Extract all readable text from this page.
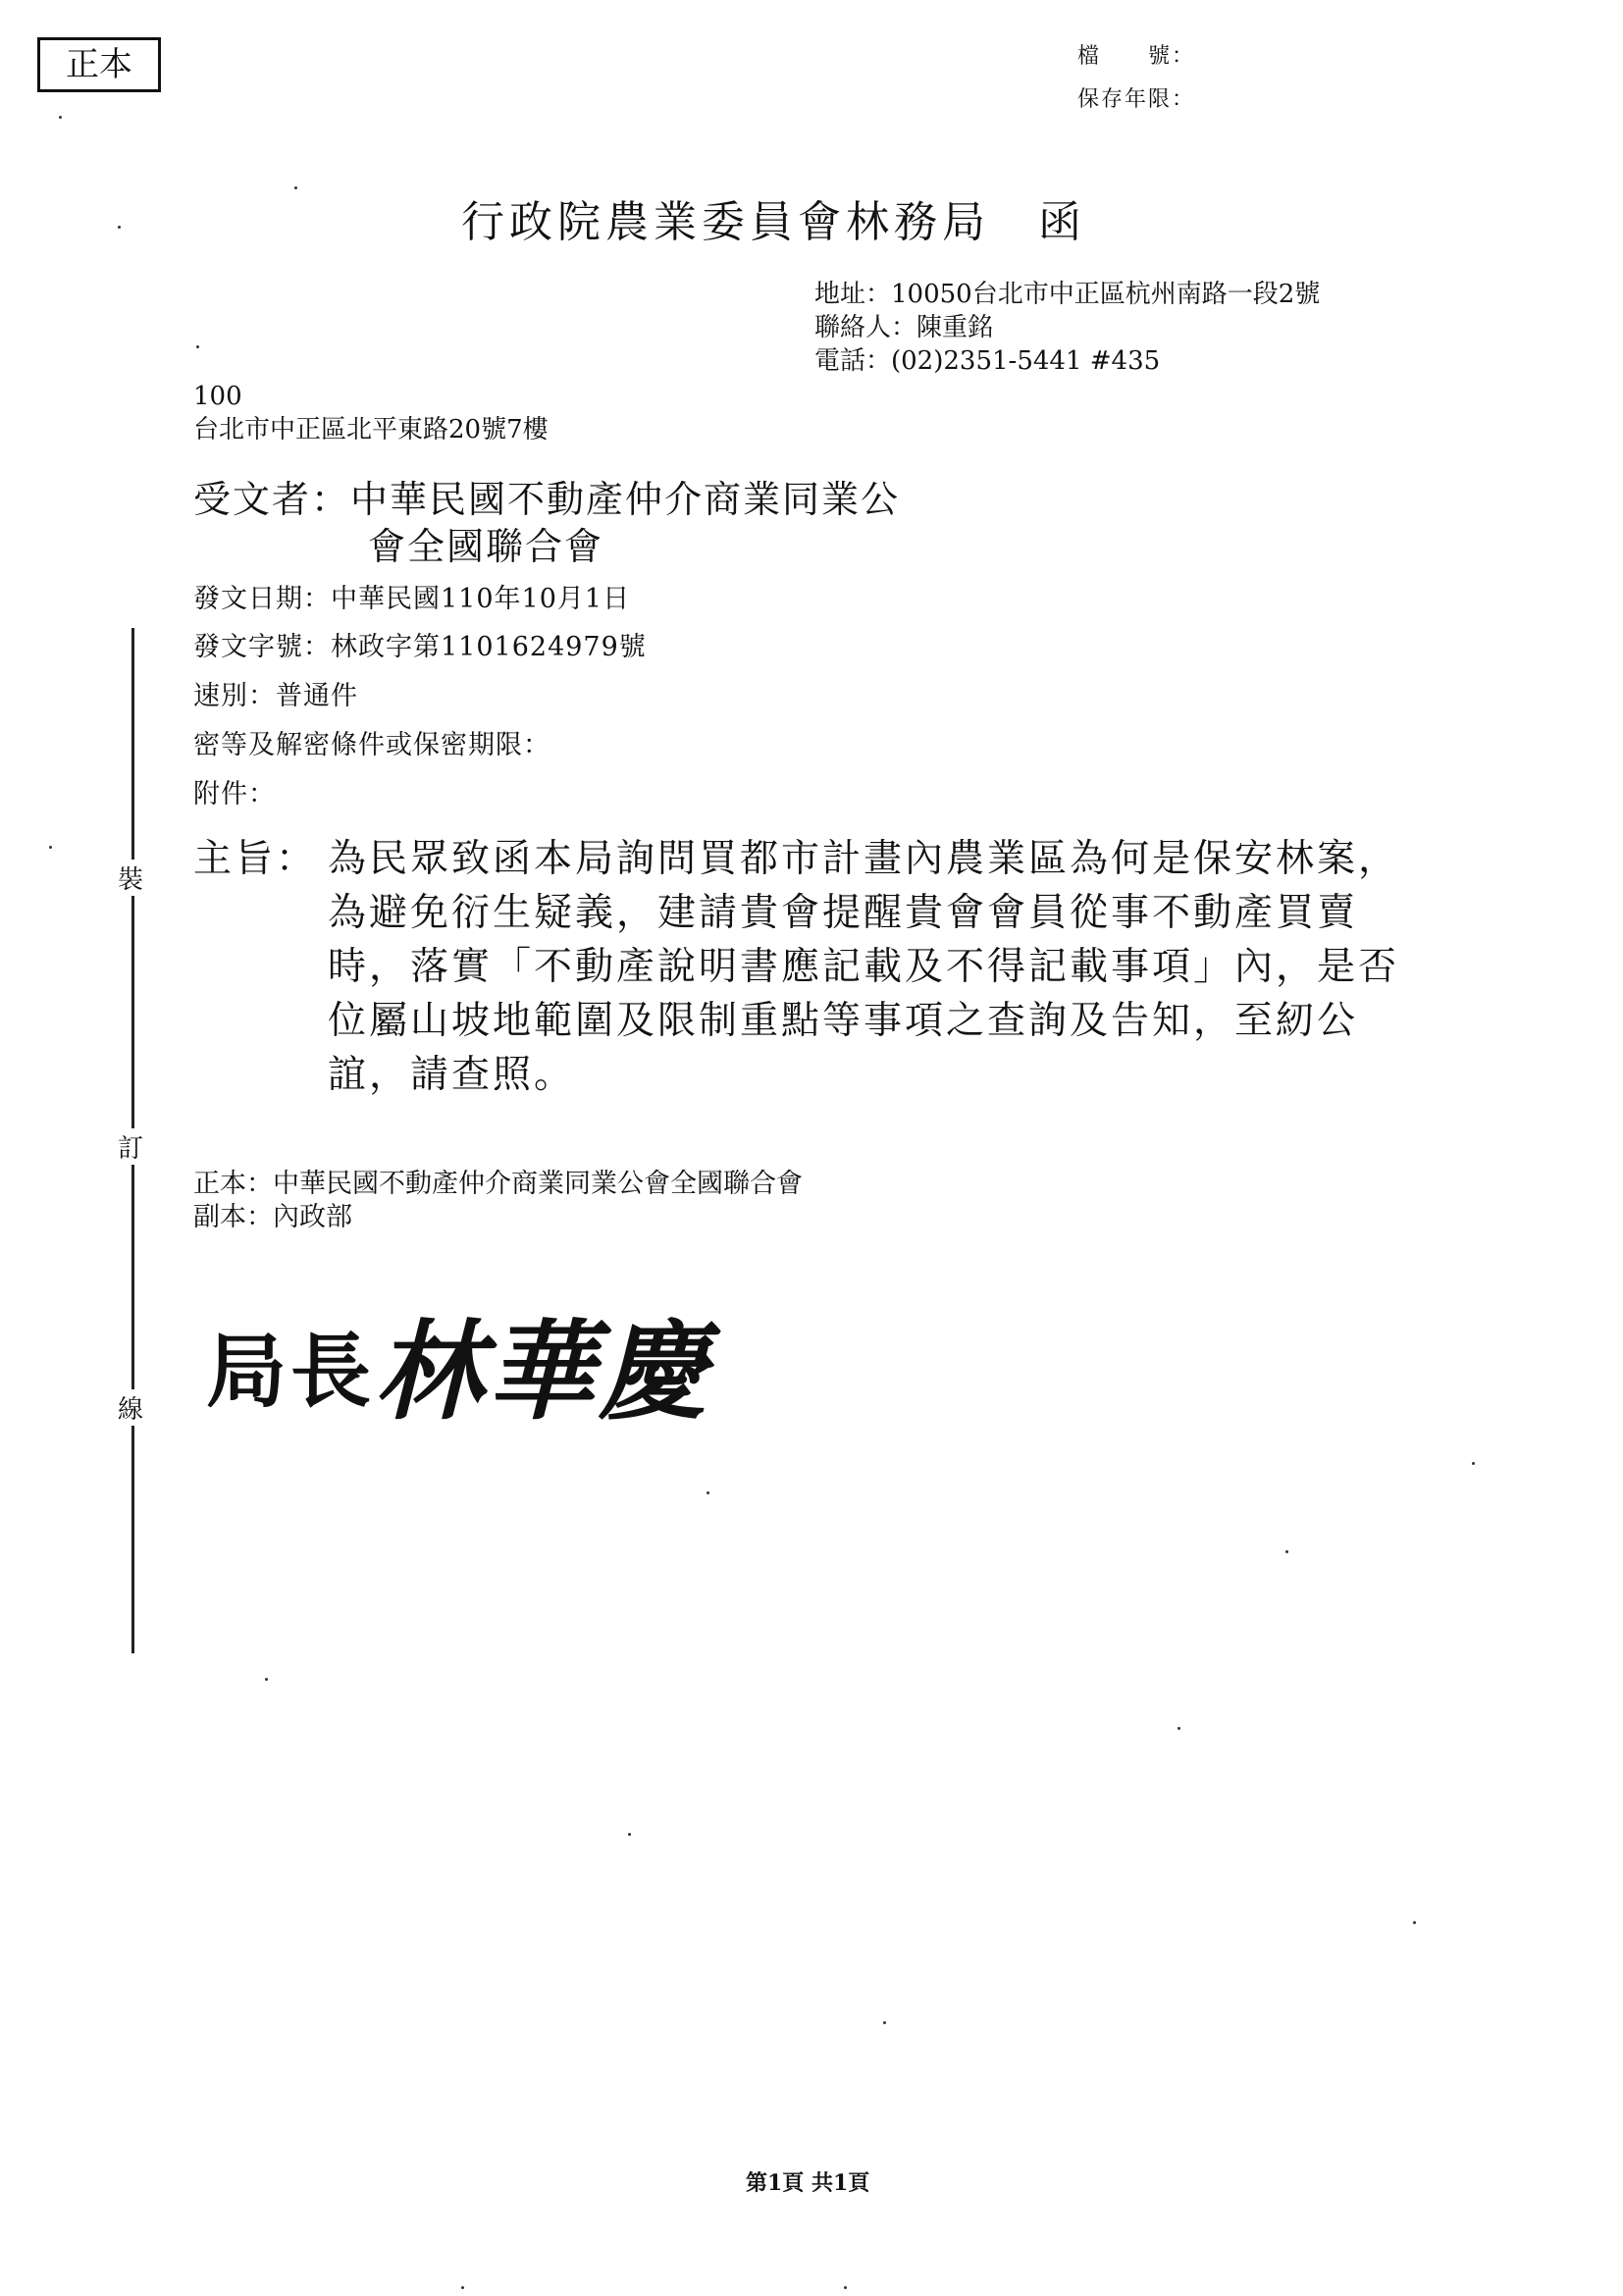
正本	檔　　號：
保存年限：
行政院農業委員會林務局　函
地址：10050台北市中正區杭州南路一段2號
聯絡人：陳重銘
電話：(02)2351-5441 #435
100
台北市中正區北平東路20號7樓
受文者：中華民國不動產仲介商業同業公
會全國聯合會
發文日期：中華民國110年10月1日
發文字號：林政字第1101624979號
速別：普通件
密等及解密條件或保密期限：
附件：
主旨： 為民眾致函本局詢問買都市計畫內農業區為何是保安林案，為避免衍生疑義，建請貴會提醒貴會會員從事不動產買賣時，落實「不動產說明書應記載及不得記載事項」內，是否位屬山坡地範圍及限制重點等事項之查詢及告知，至紉公誼，請查照。
正本：中華民國不動產仲介商業同業公會全國聯合會
副本：內政部
裝
訂
線 局長林華慶
第1頁 共1頁
